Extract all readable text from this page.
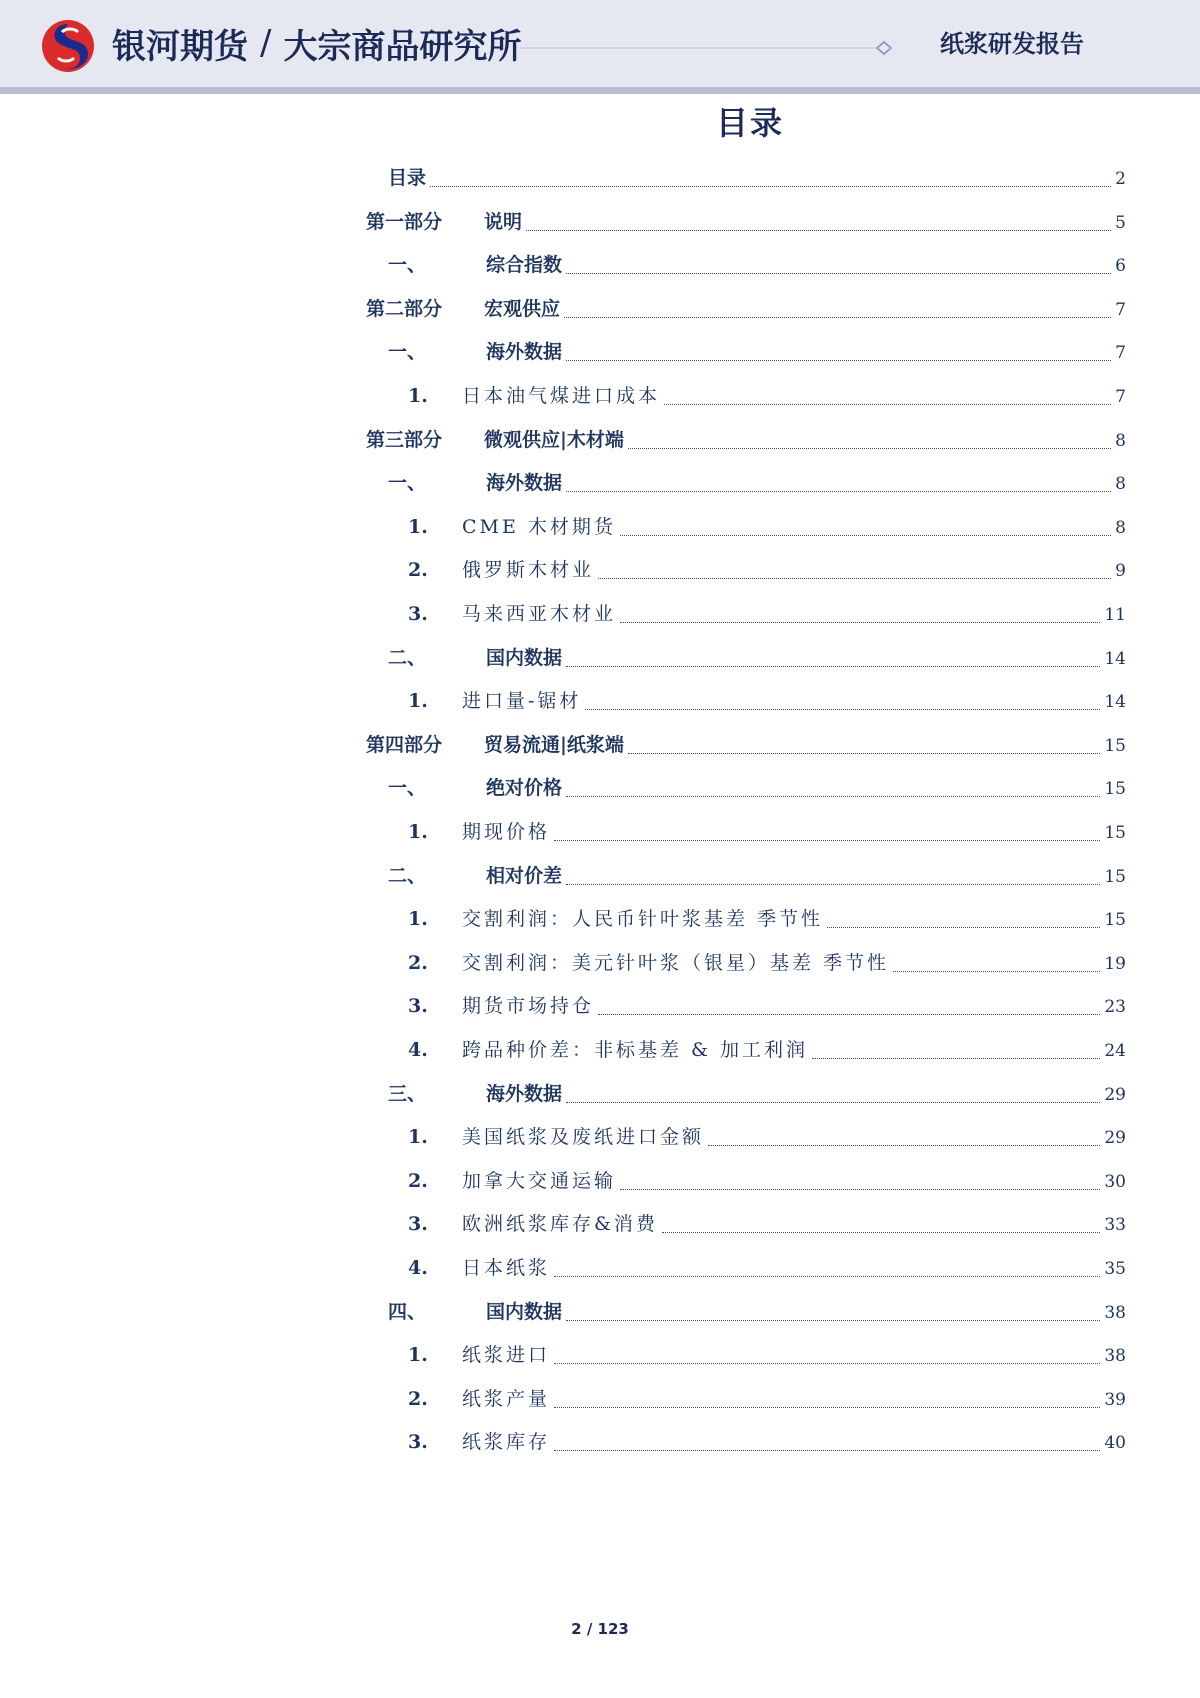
银河期货 / 大宗商品研究所	纸浆研发报告
目录
目录	2
第一部分	说明	5
一、	综合指数	6
第二部分	宏观供应	7
一、	海外数据	7
1.	日本油气煤进口成本	7
第三部分	微观供应|木材端	8
一、	海外数据	8
1.	CME 木材期货	8
2.	俄罗斯木材业	9
3.	马来西亚木材业	11
二、	国内数据	14
1.	进口量-锯材	14
第四部分	贸易流通|纸浆端	15
一、	绝对价格	15
1.	期现价格	15
二、	相对价差	15
1.	交割利润：人民币针叶浆基差 季节性	15
2.	交割利润：美元针叶浆（银星）基差 季节性	19
3.	期货市场持仓	23
4.	跨品种价差：非标基差 & 加工利润	24
三、	海外数据	29
1.	美国纸浆及废纸进口金额	29
2.	加拿大交通运输	30
3.	欧洲纸浆库存&消费	33
4.	日本纸浆	35
四、	国内数据	38
1.	纸浆进口	38
2.	纸浆产量	39
3.	纸浆库存	40
2 / 123
